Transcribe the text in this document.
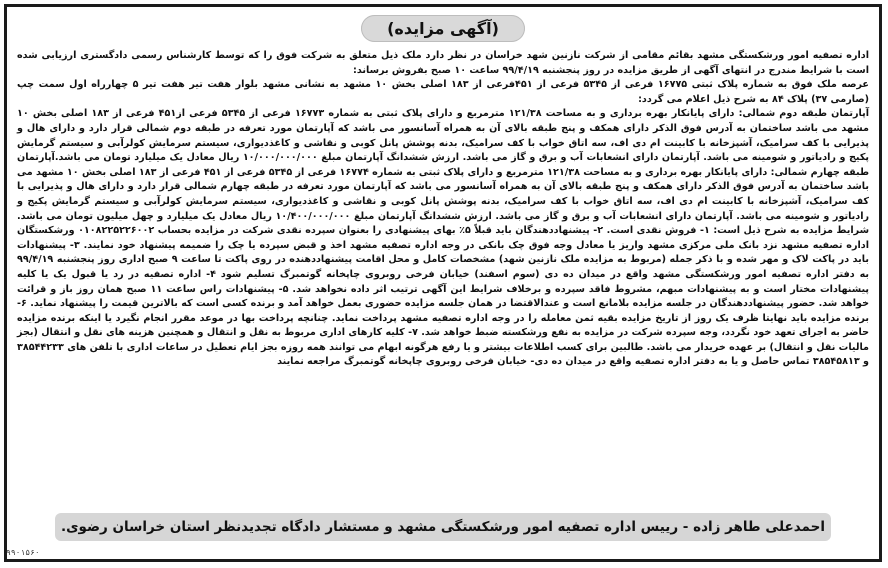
(آگهی مزایده)

اداره تصفیه امور ورشکستگی مشهد بقائم مقامی از شرکت نازنین شهد خراسان در نظر دارد ملک ذیل متعلق به شرکت فوق را که توسط کارشناس رسمی دادگستری ارزیابی شده است با شرایط مندرج در انتهای آگهی از طریق مزایده در روز پنجشنبه ۹۹/۴/۱۹ ساعت ۱۰ صبح بفروش برساند:

عرصه ملک فوق به شماره پلاک ثبتی ۱۶۷۷۵ فرعی از ۵۳۴۵ فرعی از ۴۵۱فرعی از ۱۸۳ اصلی بخش ۱۰ مشهد به نشانی مشهد بلوار هفت تیر هفت تیر ۵ چهارراه اول سمت چپ (صارمی ۳۷) پلاک ۸۴ به شرح ذیل اعلام می گردد:

آپارتمان طبقه دوم شمالی: دارای پایانکار بهره برداری و به مساحت ۱۲۱/۳۸ مترمربع و دارای پلاک ثبتی به شماره ۱۶۷۷۳ فرعی از ۵۳۴۵ فرعی از۴۵۱ فرعی از ۱۸۳ اصلی بخش ۱۰ مشهد می باشد ساختمان به آدرس فوق الذکر دارای همکف و پنج طبقه بالای آن به همراه آسانسور می باشد که آپارتمان مورد تعرفه در طبقه دوم شمالی قرار دارد و دارای هال و پذیرایی با کف سرامیک، آشپزخانه با کابینت ام دی اف، سه اتاق خواب با کف سرامیک، بدنه پوشش پانل کوبی و نقاشی و کاغذدیواری، سیستم سرمایش کولرآبی و سیستم گرمایش پکیج و رادیاتور و شومینه می باشد. آپارتمان دارای انشعابات آب و برق و گاز می باشد. ارزش ششدانگ آپارتمان مبلغ ۱۰/۰۰۰/۰۰۰/۰۰۰ ریال معادل یک میلیارد تومان می باشد.آپارتمان طبقه چهارم شمالی: دارای پایانکار بهره برداری و به مساحت ۱۲۱/۳۸ مترمربع و دارای پلاک ثبتی به شماره ۱۶۷۷۴ فرعی از ۵۳۴۵ فرعی از ۴۵۱ فرعی از ۱۸۳ اصلی بخش ۱۰ مشهد می باشد ساختمان به آدرس فوق الذکر دارای همکف و پنج طبقه بالای آن به همراه آسانسور می باشد که آپارتمان مورد تعرفه در طبقه چهارم شمالی قرار دارد و دارای هال و پذیرایی با کف سرامیک، آشپزخانه با کابینت ام دی اف، سه اتاق خواب با کف سرامیک، بدنه پوشش پانل کوبی و نقاشی و کاغذدیواری، سیستم سرمایش کولرآبی و سیستم گرمایش پکیج و رادیاتور و شومینه می باشد. آپارتمان دارای انشعابات آب و برق و گاز می باشد. ارزش ششدانگ آپارتمان مبلغ ۱۰/۴۰۰/۰۰۰/۰۰۰ ریال معادل یک میلیارد و چهل میلیون تومان می باشد. شرایط مزایده به شرح ذیل است: ۱- فروش نقدی است. ۲- پیشنهاددهندگان باید قبلاً ۵٪ بهای پیشنهادی را بعنوان سپرده نقدی شرکت در مزایده بحساب ۰۱۰۸۲۲۵۲۲۶۰۰۲ ورشکستگان اداره تصفیه مشهد نزد بانک ملی مرکزی مشهد واریز یا معادل وجه فوق چک بانکی در وجه اداره تصفیه مشهد اخذ و قبض سپرده یا چک را ضمیمه پیشنهاد خود نمایند. ۳- پیشنهادات باید در پاکت لاک و مهر شده و با ذکر جمله (مربوط به مزایده ملک نازنین شهد) مشخصات کامل و محل اقامت پیشنهاددهنده در روی پاکت تا ساعت ۹ صبح اداری روز پنجشنبه ۹۹/۴/۱۹ به دفتر اداره تصفیه امور ورشکستگی مشهد واقع در میدان ده دی (سوم اسفند) خیابان فرخی روبروی چاپخانه گوتمبرگ تسلیم شود ۴- اداره تصفیه در رد یا قبول یک یا کلیه پیشنهادات مختار است و به پیشنهادات مبهم، مشروط فاقد سپرده و برخلاف شرایط این آگهی ترتیب اثر داده نخواهد شد. ۵- پیشنهادات راس ساعت ۱۱ صبح همان روز باز و قرائت خواهد شد. حضور پیشنهاددهندگان در جلسه مزایده بلامانع است و عندالاقتضا در همان جلسه مزایده حضوری بعمل خواهد آمد و برنده کسی است که بالاترین قیمت را پیشنهاد نماید. ۶- برنده مزایده باید نهایتا ظرف یک روز از تاریخ مزایده بقیه ثمن معامله را در وجه اداره تصفیه مشهد پرداخت نماید. چنانچه پرداخت بها در موعد مقرر انجام نگیرد یا اینکه برنده مزایده حاضر به اجرای تعهد خود نگردد، وجه سپرده شرکت در مزایده به نفع ورشکسته ضبط خواهد شد. ۷- کلیه کارهای اداری مربوط به نقل و انتقال و همچنین هزینه های نقل و انتقال (بجز مالیات نقل و انتقال) بر عهده خریدار می باشد. طالبین برای کسب اطلاعات بیشتر و یا رفع هرگونه ابهام می توانند همه روزه بجز ایام تعطیل در ساعات اداری با تلفن های ۳۸۵۴۴۲۳۳ و ۳۸۵۴۵۸۱۳ تماس حاصل و یا به دفتر اداره تصفیه واقع در میدان ده دی- خیابان فرخی روبروی چاپخانه گوتمبرگ مراجعه نمایند

احمدعلی طاهر زاده - رییس اداره تصفیه امور ورشکستگی مشهد و مستشار دادگاه تجدیدنظر استان خراسان رضوی.
۹۹۰۱۵۶۰
